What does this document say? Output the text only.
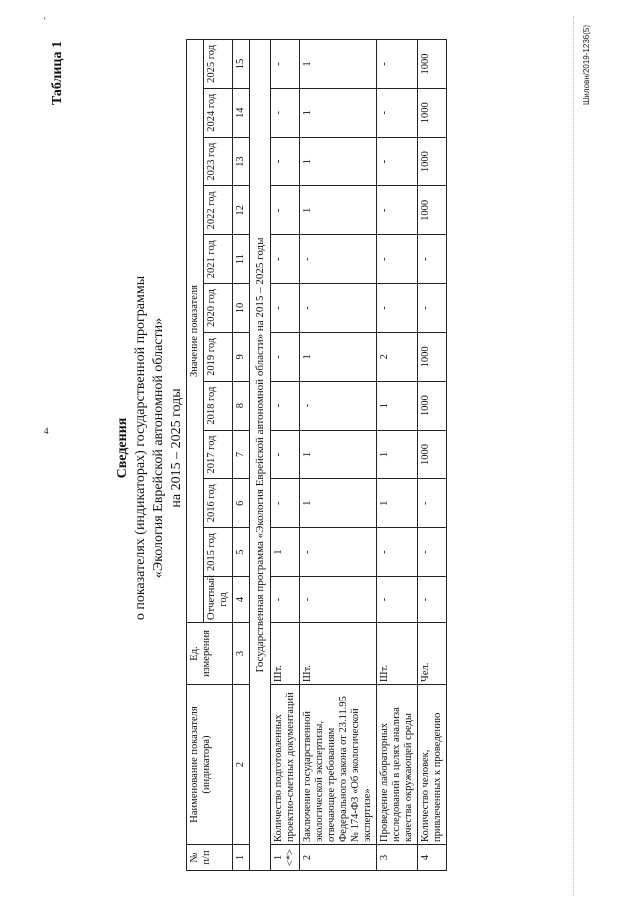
'
4
Таблица 1
Сведения о показателях (индикаторах) государственной программы «Экология Еврейской автономной области» на 2015 – 2025 годы
№ п/п	Наименование показателя (индикатора)	Ед. измерения	Значение показателя											
			Отчетный год	2015 год	2016 год	2017 год	2018 год	2019 год	2020 год	2021 год	2022 год	2023 год	2024 год	2025 год
1	2	3	4	5	6	7	8	9	10	11	12	13	14	15
Государственная программа «Экология Еврейской автономной области» на 2015 – 2025 годы														
1 <*>	Количество подготовленных проектно-сметных документаций	Шт.	-	1	-	-	-	-	-	-	-	-	-	-
2	Заключение государственной экологической экспертизы, отвечающее требованиям Федерального закона от 23.11.95 № 174-ФЗ «Об экологической экспертизе»	Шт.	-	-	1	1	-	1	-	-	1	1	1	1
3	Проведение лабораторных исследований в целях анализа качества окружающей среды	Шт.	-	-	1	1	1	2	-	-	-	-	-	-
4	Количество человек, привлеченных к проведению	Чел.	-	-	-	1000	1000	1000	-	-	1000	1000	1000	1000	Шиловн/2019-1236(5)
